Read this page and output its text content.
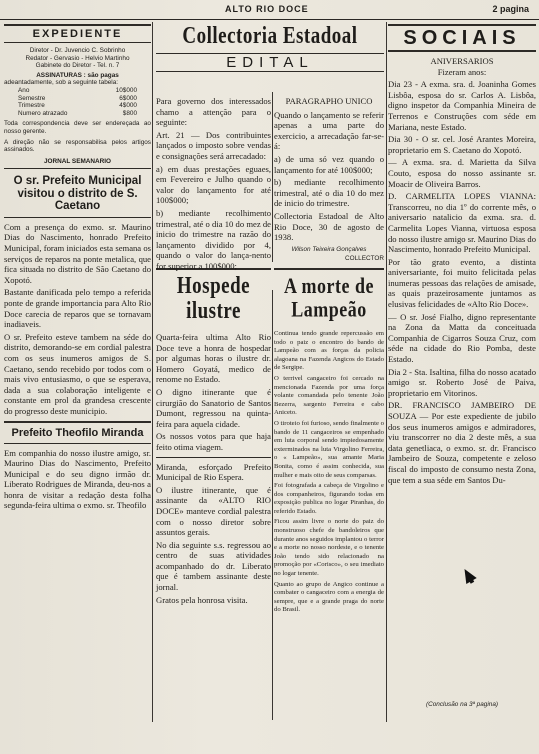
ALTO RIO DOCE	2 pagina
EXPEDIENTE
Diretor - Dr. Juvencio C. Sobrinho
Redator - Gervasio - Helvio Martinho
Gabinete do Diretor - Tel. n. 7
ASSINATURAS : são pagas
adeantadamente, sob a seguinte tabela:
Ano	10$000
Semestre	6$000
Trimestre	4$000
Numero atrazado	$800
Toda correspondencia deve ser endereçada ao nosso gerente.
A direção não se responsabilisa pelos artigos assinados.
JORNAL SEMANARIO
O sr. Prefeito Municipal visitou o distrito de S. Caetano

Com a presença do exmo. sr. Maurino Dias do Nascimento, honrado Prefeito Municipal, foram iniciados esta semana os serviços de reparos na ponte metalica, que fica situada no distrito de São Caetano do Xopotó.

Bastante danificada pelo tempo a referida ponte de grande importancia para Alto Rio Doce carecia de reparos que se tornavam inadiaveis.

O sr. Prefeito esteve tambem na séde do distrito, demorando-se em cordial palestra com os seus inumeros amigos de S. Caetano, sendo recebido por todos com o mais vivo entusiasmo, o que se esperava, dada a sua colaboração inteligente e constante em prol da grandesa crescente do progresso deste municipio.

Prefeito Theofilo Miranda
Em companhia do nosso ilustre amigo, sr. Maurino Dias do Nascimento, Prefeito Municipal e do seu digno irmão dr. Liberato Rodrigues de Miranda, deu-nos a honra de visitar a redação desta folha segunda-feira ultima o exmo. sr. Theofilo
Collectoria Estadoal
EDITAL

Para governo dos interessados chamo a attenção para o seguinte:

Art. 21 — Dos contribuintes lançados o imposto sobre vendas e consignações será arrecadado:

a) em duas prestações eguaes, em Fevereiro e Julho quando o valor do lançamento for até 100$000;

b) mediante recolhimento trimestral, até o dia 10 do mez de inicio do trimestre na razão do lançamento dividido por 4, quando o valor do lança-nento for superior a 100$000;

Hospede ilustre

Quarta-feira ultima Alto Rio Doce teve a honra de hospedar por algumas horas o ilustre dr. Homero Goyatá, medico de renome no Estado.

O digno itinerante que é cirurgião do Sanatorio de Santos Dumont, regressou na quinta-feira para aquela cidade.

Os nossos votos para que haja feito otima viagem.

Miranda, esforçado Prefeito Municipal de Rio Espera.

O ilustre itinerante, que é assinante da «ALTO RIO DOCE» manteve cordial palestra com o nosso diretor sobre assuntos gerais.

No dia seguinte s.s. regressou ao centro de suas atividades acompanhado do dr. Liberato que é tambem assinante deste jornal.

Gratos pela honrosa visita.

PARAGRAPHO UNICO

Quando o lançamento se referir apenas a uma parte do exercicio, a arrecadação far-se-á:

a) de uma só vez quando o lançamento for até 100$000;

b) mediante recolhimento trimestral, até o dia 10 do mez de inicio do trimestre.

Collectoria Estadoal de Alto Rio Doce, 30 de agosto de 1938.

Wilson Teixeira Gonçalves
COLLECTOR
A morte de Lampeão

Continua tendo grande repercussão em todo o paiz o encontro do bando de Lampeão com as forças da policia alagoana na Fazenda Angicos do Estado de Sergipe.

O terrivel cangaceiro foi cercado na mencionada Fazenda por uma força volante comandada pelo tenente João Bezerra, sargento Ferreira e cabo Aniceto.

O tiroteio foi furioso, sendo finalmente o bando de 11 cangaceiros se empenhado em luta corporal sendo impiedosamente exterminados na luta Virgolino Ferreira, o « Lampeão», sua amante Maria Bonita, como é assim conhecida, sua mulher e mais oito de seus comparsas.

Foi fotografada a cabeça de Virgolino e dos companheiros, figurando todas em exposição publica no logar Piranhas, do referido Estado.

Ficou assim livre o norte do paiz do monstruoso chefe de bandoleiros que durante anos seguidos implantou o terror e a morte no nosso nordeste, e o tenente João tendo sido relacionado na promoção por «Corisco», o seu imediato no logar tenente.

Quanto ao grupo de Angico continue a combater o cangaceiro com a energia de sempre, que e a grande praga do norte do Brasil.

SOCIAIS
ANIVERSARIOS
Fizeram anos:

Dia 23 - A exma. sra. d. Joaninha Gomes Lisbôa, esposa do sr. Carlos A. Lisbôa, digno inspetor da Companhia Mineira de Terrenos e Construções com séde em Mariana, neste Estado.

Dia 30 - O sr. cel. José Arantes Moreira, proprietario em S. Caetano do Xopotó.

— A exma. sra. d. Marietta da Silva Couto, esposa do nosso assinante sr. Moacir de Oliveira Barros.

D. CARMELITA LOPES VIANNA: Transcorreu, no dia 1º do corrente mês, o aniversario natalicio da exma. sra. d. Carmelita Lopes Vianna, virtuosa esposa do nosso ilustre amigo sr. Maurino Dias do Nascimento, honrado Prefeito Municipal.

Por tão grato evento, a distinta aniversariante, foi muito felicitada pelas inumeras pessoas das relações de amisade, as quais prazeirosamente juntamos as elusivas felicidades de «Alto Rio Doce».

— O sr. José Fialho, digno representante na Zona da Matta da conceituada Companhia de Cigarros Souza Cruz, com séde na cidade do Rio Pomba, deste Estado.

Dia 2 - Sta. Isaltina, filha do nosso acatado amigo sr. Roberto José de Paiva, proprietario em Vitorinos.

DR. FRANCISCO JAMBEIRO DE SOUZA — Por este expediente de jubilo dos seus inumeros amigos e admiradores, viu transcorrer no dia 2 deste mês, a sua data genetliaca, o exmo. sr. dr. Francisco Jambeiro de Souza, competente e zeloso fiscal do imposto de consumo nesta Zona, que tem a sua séde em Santos Du-

(Conclusão na 3ª pagina)
